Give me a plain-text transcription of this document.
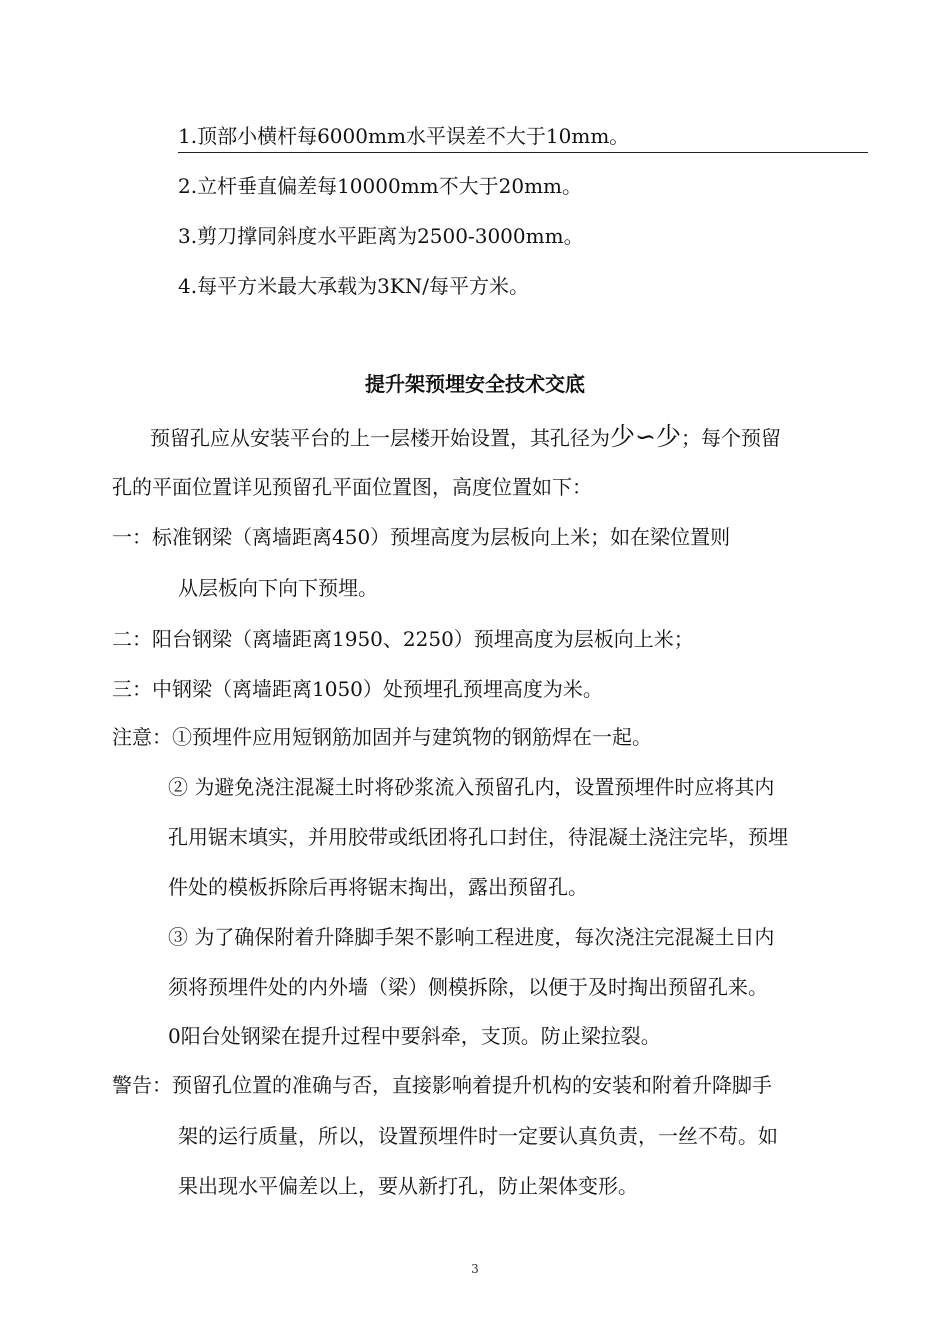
1.顶部小横杆每6000mm水平误差不大于10mm。
2.立杆垂直偏差每10000mm不大于20mm。
3.剪刀撑同斜度水平距离为2500-3000mm。
4.每平方米最大承载为3KN/每平方米。
提升架预埋安全技术交底
预留孔应从安装平台的上一层楼开始设置，其孔径为少∽少；每个预留
孔的平面位置详见预留孔平面位置图，高度位置如下：
一：标准钢梁（离墙距离450）预埋高度为层板向上米；如在梁位置则
从层板向下向下预埋。
二：阳台钢梁（离墙距离1950、2250）预埋高度为层板向上米；
三：中钢梁（离墙距离1050）处预埋孔预埋高度为米。
注意：①预埋件应用短钢筋加固并与建筑物的钢筋焊在一起。
② 为避免浇注混凝土时将砂浆流入预留孔内，设置预埋件时应将其内
孔用锯末填实，并用胶带或纸团将孔口封住，待混凝土浇注完毕，预埋
件处的模板拆除后再将锯末掏出，露出预留孔。
③ 为了确保附着升降脚手架不影响工程进度，每次浇注完混凝土日内
须将预埋件处的内外墙（梁）侧模拆除，以便于及时掏出预留孔来。
0阳台处钢梁在提升过程中要斜牵，支顶。防止梁拉裂。
警告：预留孔位置的准确与否，直接影响着提升机构的安装和附着升降脚手
架的运行质量，所以，设置预埋件时一定要认真负责，一丝不苟。如
果出现水平偏差以上，要从新打孔，防止架体变形。
3
